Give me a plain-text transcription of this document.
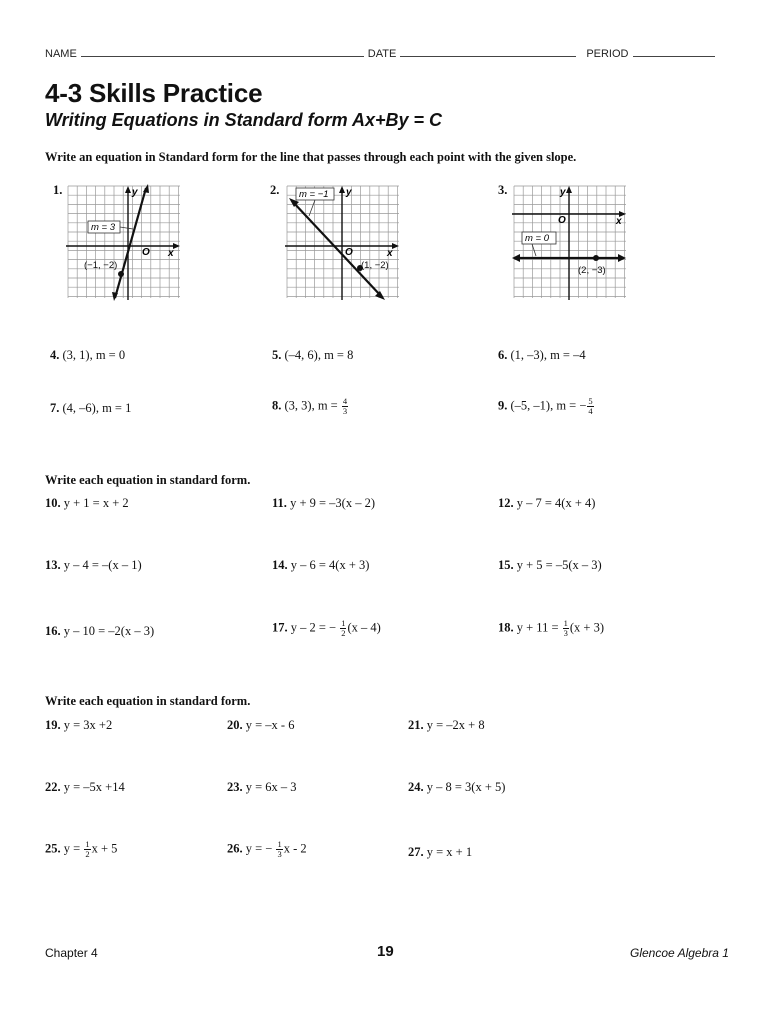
NAME	DATE	PERIOD
4-3 Skills Practice
Writing Equations in Standard form Ax+By = C
Write an equation in Standard form for the line that passes through each point with the given slope.
1.
m = 3
(−1, −2)
y
x
O
2. m = −1
(1, −2)
y
x
O
3.
m = 0
(2, −3)
y
x
O
4. (3, 1), m = 0	5. (–4, 6), m = 8	6. (1, –3), m = –4
7. (4, –6), m = 1	8. (3, 3), $m = \frac{4}{3}$	9. (–5, –1), m = − $\frac{5}{4}$
Write each equation in standard form.
10. y + 1 = x + 2	11. y + 9 = –3(x – 2)	12. y – 7 = 4(x + 4)
13. y – 4 = –(x – 1)	14. y – 6 = 4(x + 3)	15. y + 5 = –5(x – 3)
16. y – 10 = –2(x – 3)	17. y – 2 = − $\frac{1}{2} (x - 4)$	18. $y + 11 = \frac{1}{3} (x + 3)$
Write each equation in standard form.
19. y = 3x +2	20. y = –x - 6	21. y = –2x + 8
22. y = –5x +14	23. y = 6x – 3	24. y – 8 = 3(x + 5)
25. $y = \frac{1}{2}$ x + 5	26. y = − $\frac{1}{3}$ x - 2	27. y = x + 1
Chapter 4	19	Glencoe Algebra 1
